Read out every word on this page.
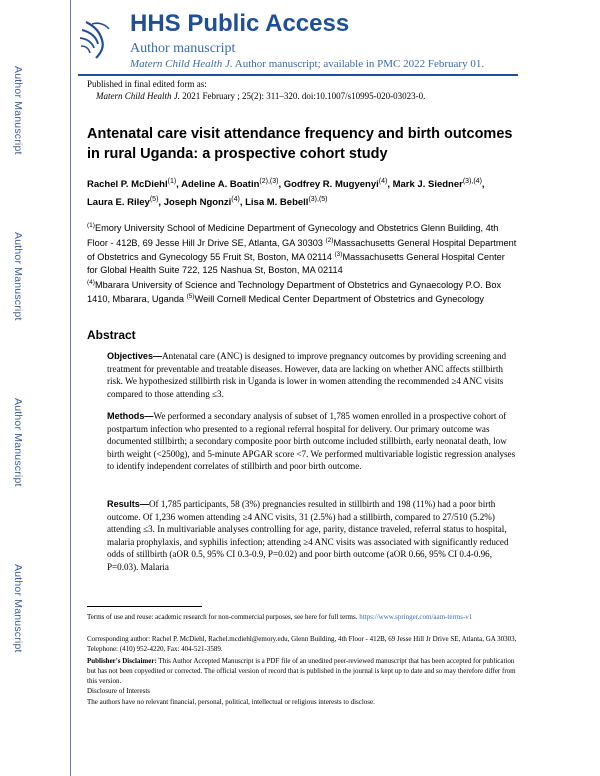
Author Manuscript
Author Manuscript
Author Manuscript
Author Manuscript
HHS Public Access
Author manuscript
Matern Child Health J. Author manuscript; available in PMC 2022 February 01.
Published in final edited form as:
Matern Child Health J. 2021 February ; 25(2): 311–320. doi:10.1007/s10995-020-03023-0.
Antenatal care visit attendance frequency and birth outcomes in rural Uganda: a prospective cohort study
Rachel P. McDiehl$^{(1)}$, Adeline A. Boatin$^{(2),(3)}$, Godfrey R. Mugyenyi$^{(4)}$, Mark J. Siedner$^{(3),(4)}$,
Laura E. Riley$^{(5)}$, Joseph Ngonzi$^{(4)}$, Lisa M. Bebell$^{(3),(5)}$
$^{(1)}$Emory University School of Medicine Department of Gynecology and Obstetrics Glenn Building, 4th Floor - 412B, 69 Jesse Hill Jr Drive SE, Atlanta, GA 30303 $^{(2)}$Massachusetts General Hospital Department of Obstetrics and Gynecology 55 Fruit St, Boston, MA 02114 $^{(3)}$Massachusetts General Hospital Center for Global Health Suite 722, 125 Nashua St, Boston, MA 02114
$^{(4)}$Mbarara University of Science and Technology Department of Obstetrics and Gynaecology P.O. Box 1410, Mbarara, Uganda $^{(5)}$Weill Cornell Medical Center Department of Obstetrics and Gynecology
Abstract
Objectives—Antenatal care (ANC) is designed to improve pregnancy outcomes by providing screening and treatment for preventable and treatable diseases. However, data are lacking on whether ANC affects stillbirth risk. We hypothesized stillbirth risk in Uganda is lower in women attending the recommended ≥4 ANC visits compared to those attending ≤3.
Methods—We performed a secondary analysis of subset of 1,785 women enrolled in a prospective cohort of postpartum infection who presented to a regional referral hospital for delivery. Our primary outcome was documented stillbirth; a secondary composite poor birth outcome included stillbirth, early neonatal death, low birth weight (<2500g), and 5-minute APGAR score <7. We performed multivariable logistic regression analyses to identify independent correlates of stillbirth and poor birth outcome.
Results—Of 1,785 participants, 58 (3%) pregnancies resulted in stillbirth and 198 (11%) had a poor birth outcome. Of 1,236 women attending ≥4 ANC visits, 31 (2.5%) had a stillbirth, compared to 27/510 (5.2%) attending ≤3. In multivariable analyses controlling for age, parity, distance traveled, referral status to hospital, malaria prophylaxis, and syphilis infection; attending ≥4 ANC visits was associated with significantly reduced odds of stillbirth (aOR 0.5, 95% CI 0.3-0.9, P=0.02) and poor birth outcome (aOR 0.66, 95% CI 0.4-0.96, P=0.03). Malaria
Terms of use and reuse: academic research for non-commercial purposes, see here for full terms. https://www.springer.com/aam-terms-v1
Corresponding author: Rachel P. McDiehl, Rachel.mcdiehl@emory.edu, Glenn Building, 4th Floor - 412B, 69 Jesse Hill Jr Drive SE, Atlanta, GA 30303, Telephone: (410) 952-4220, Fax: 404-521-3589.
Publisher's Disclaimer: This Author Accepted Manuscript is a PDF file of an unedited peer-reviewed manuscript that has been accepted for publication but has not been copyedited or corrected. The official version of record that is published in the journal is kept up to date and so may therefore differ from this version.
Disclosure of Interests
The authors have no relevant financial, personal, political, intellectual or religious interests to disclose.
